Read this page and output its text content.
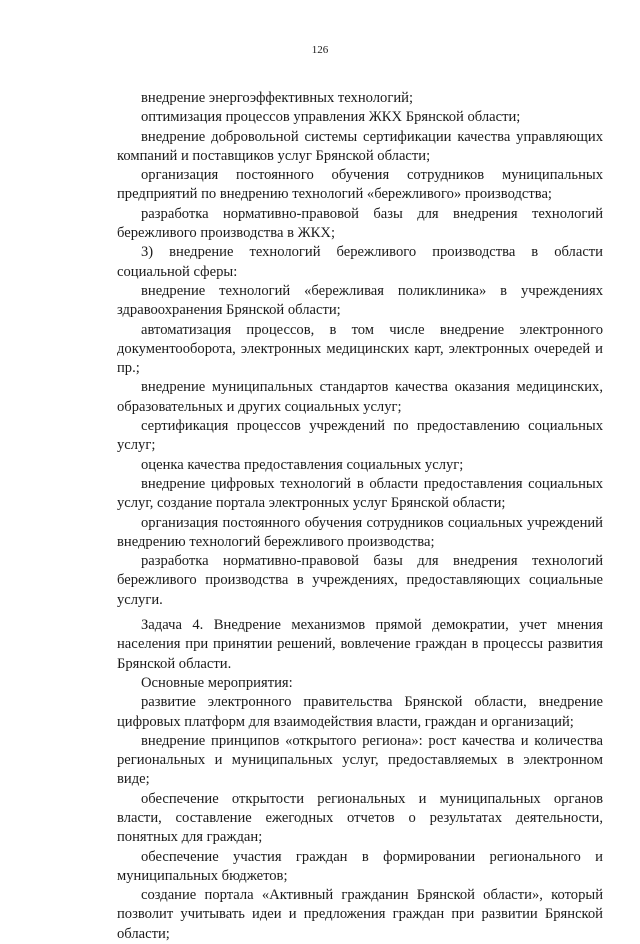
126

внедрение энергоэффективных технологий;

оптимизация процессов управления ЖКХ Брянской области;

внедрение добровольной системы сертификации качества управляющих компаний и поставщиков услуг Брянской области;

организация постоянного обучения сотрудников муниципальных предприятий по внедрению технологий «бережливого» производства;

разработка нормативно-правовой базы для внедрения технологий бережливого производства в ЖКХ;

3) внедрение технологий бережливого производства в области социальной сферы:

внедрение технологий «бережливая поликлиника» в учреждениях здравоохранения Брянской области;

автоматизация процессов, в том числе внедрение электронного документооборота, электронных медицинских карт, электронных очередей и пр.;

внедрение муниципальных стандартов качества оказания медицинских, образовательных и других социальных услуг;

сертификация процессов учреждений по предоставлению социальных услуг;

оценка качества предоставления социальных услуг;

внедрение цифровых технологий в области предоставления социальных услуг, создание портала электронных услуг Брянской области;

организация постоянного обучения сотрудников социальных учреждений внедрению технологий бережливого производства;

разработка нормативно-правовой базы для внедрения технологий бережливого производства в учреждениях, предоставляющих социальные услуги.

Задача 4. Внедрение механизмов прямой демократии, учет мнения населения при принятии решений, вовлечение граждан в процессы развития Брянской области.

Основные мероприятия:

развитие электронного правительства Брянской области, внедрение цифровых платформ для взаимодействия власти, граждан и организаций;

внедрение принципов «открытого региона»: рост качества и количества региональных и муниципальных услуг, предоставляемых в электронном виде;

обеспечение открытости региональных и муниципальных органов власти, составление ежегодных отчетов о результатах деятельности, понятных для граждан;

обеспечение участия граждан в формировании регионального и муниципальных бюджетов;

создание портала «Активный гражданин Брянской области», который позволит учитывать идеи и предложения граждан при развитии Брянской области;
